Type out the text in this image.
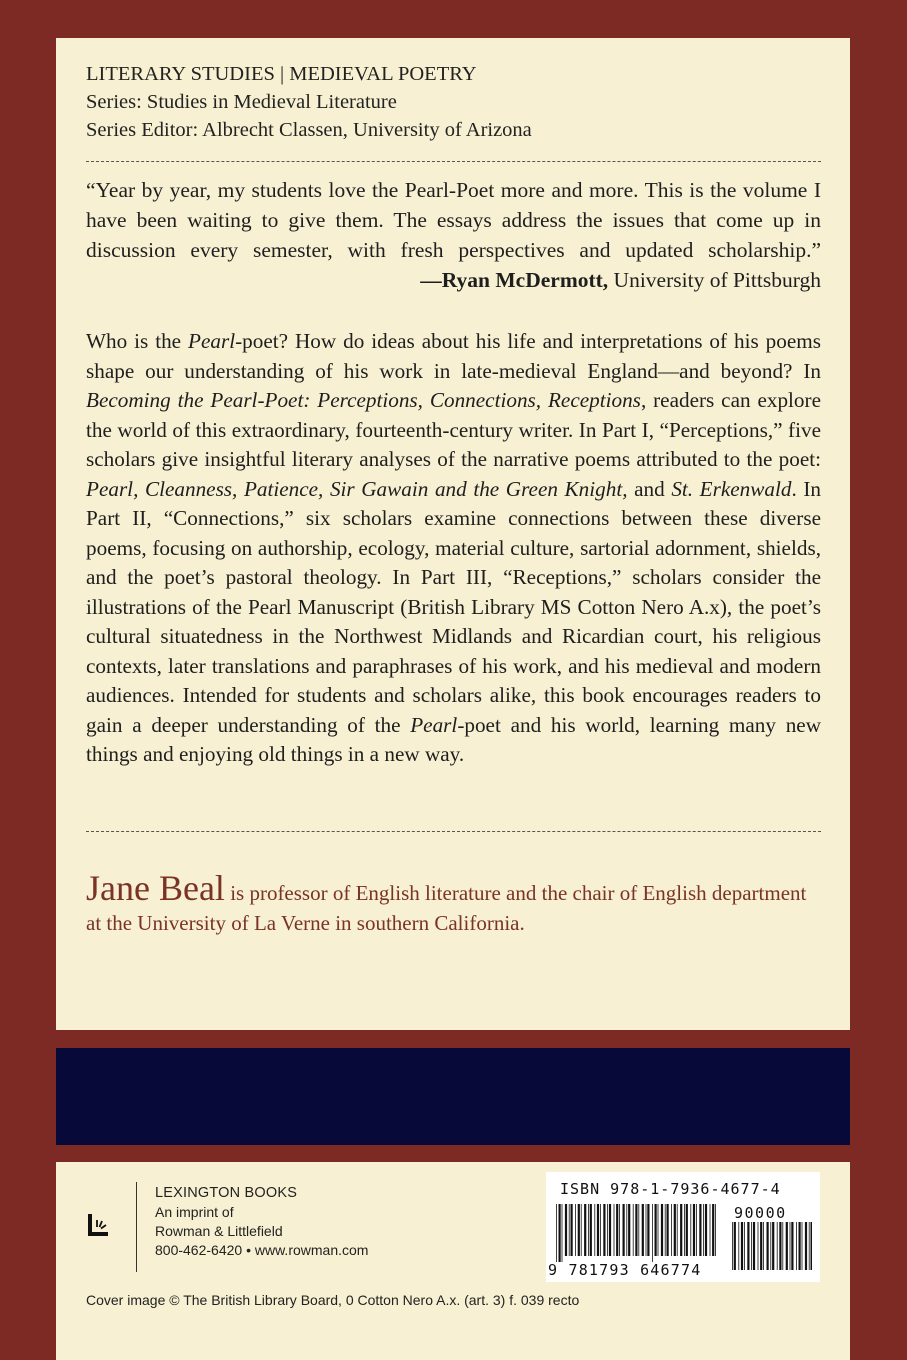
LITERARY STUDIES | MEDIEVAL POETRY
Series: Studies in Medieval Literature
Series Editor: Albrecht Classen, University of Arizona
“Year by year, my students love the Pearl-Poet more and more. This is the volume I have been waiting to give them. The essays address the issues that come up in discussion every semester, with fresh perspectives and updated scholarship.”
—Ryan McDermott, University of Pittsburgh
Who is the Pearl-poet? How do ideas about his life and interpretations of his poems shape our understanding of his work in late-medieval England—and beyond? In Becoming the Pearl-Poet: Perceptions, Connections, Receptions, readers can explore the world of this extraordinary, fourteenth-century writer. In Part I, “Perceptions,” five scholars give insightful literary analyses of the narrative poems attributed to the poet: Pearl, Cleanness, Patience, Sir Gawain and the Green Knight, and St. Erkenwald. In Part II, “Connections,” six scholars examine connections between these diverse poems, focusing on authorship, ecology, material culture, sartorial adornment, shields, and the poet’s pastoral theology. In Part III, “Receptions,” scholars consider the illustrations of the Pearl Manuscript (British Library MS Cotton Nero A.x), the poet’s cultural situatedness in the Northwest Midlands and Ricardian court, his religious contexts, later translations and paraphrases of his work, and his medieval and modern audiences. Intended for students and scholars alike, this book encourages readers to gain a deeper understanding of the Pearl-poet and his world, learning many new things and enjoying old things in a new way.
Jane Beal is professor of English literature and the chair of English department at the University of La Verne in southern California.
LEXINGTON BOOKS
An imprint of
Rowman & Littlefield
800-462-6420 • www.rowman.com
ISBN 978-1-7936-4677-4
90000
9 781793 646774
Cover image © The British Library Board, 0 Cotton Nero A.x. (art. 3) f. 039 recto
